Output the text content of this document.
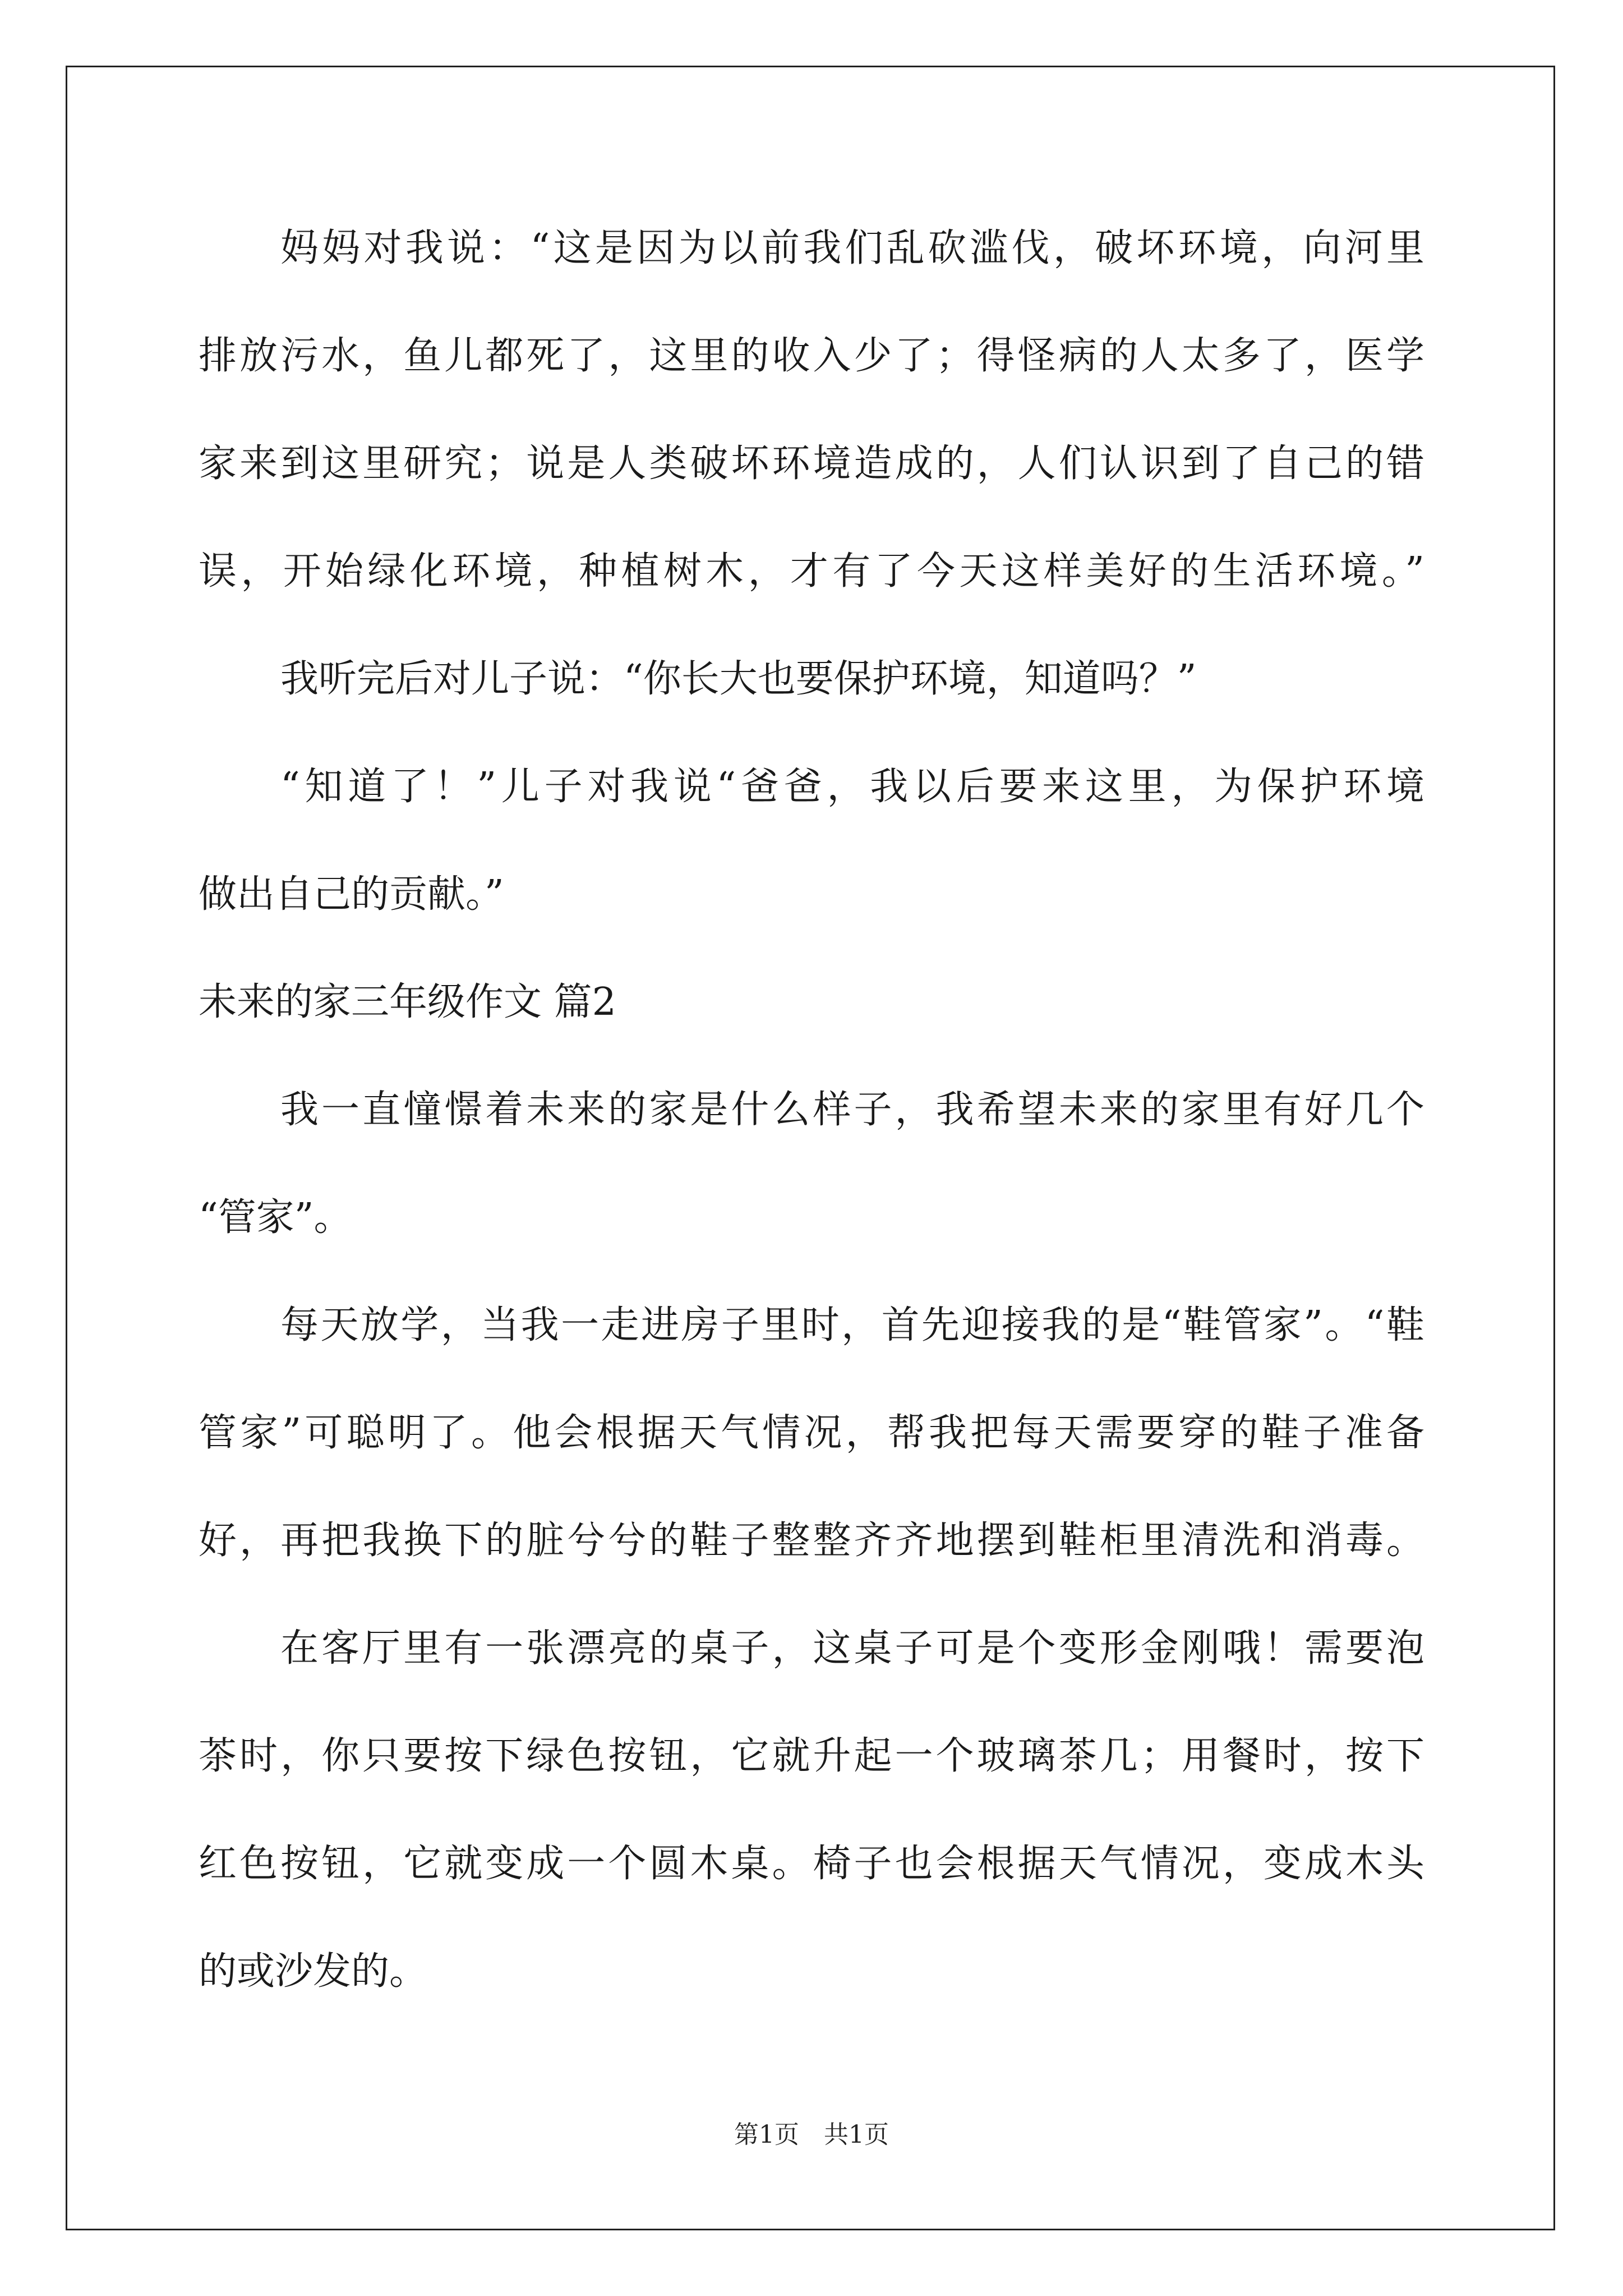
妈妈对我说：“这是因为以前我们乱砍滥伐，破坏环境，向河里
排放污水，鱼儿都死了，这里的收入少了；得怪病的人太多了，医学
家来到这里研究；说是人类破坏环境造成的，人们认识到了自己的错
误，开始绿化环境，种植树木，才有了今天这样美好的生活环境。”
我听完后对儿子说：“你长大也要保护环境，知道吗？”
“知道了！”儿子对我说“爸爸，我以后要来这里，为保护环境
做出自己的贡献。”
未来的家三年级作文 篇2
我一直憧憬着未来的家是什么样子，我希望未来的家里有好几个
“管家”。
每天放学，当我一走进房子里时，首先迎接我的是“鞋管家”。“鞋
管家”可聪明了。他会根据天气情况，帮我把每天需要穿的鞋子准备
好，再把我换下的脏兮兮的鞋子整整齐齐地摆到鞋柜里清洗和消毒。
在客厅里有一张漂亮的桌子，这桌子可是个变形金刚哦！需要泡
茶时，你只要按下绿色按钮，它就升起一个玻璃茶几；用餐时，按下
红色按钮，它就变成一个圆木桌。椅子也会根据天气情况，变成木头
的或沙发的。
第1页　共1页
